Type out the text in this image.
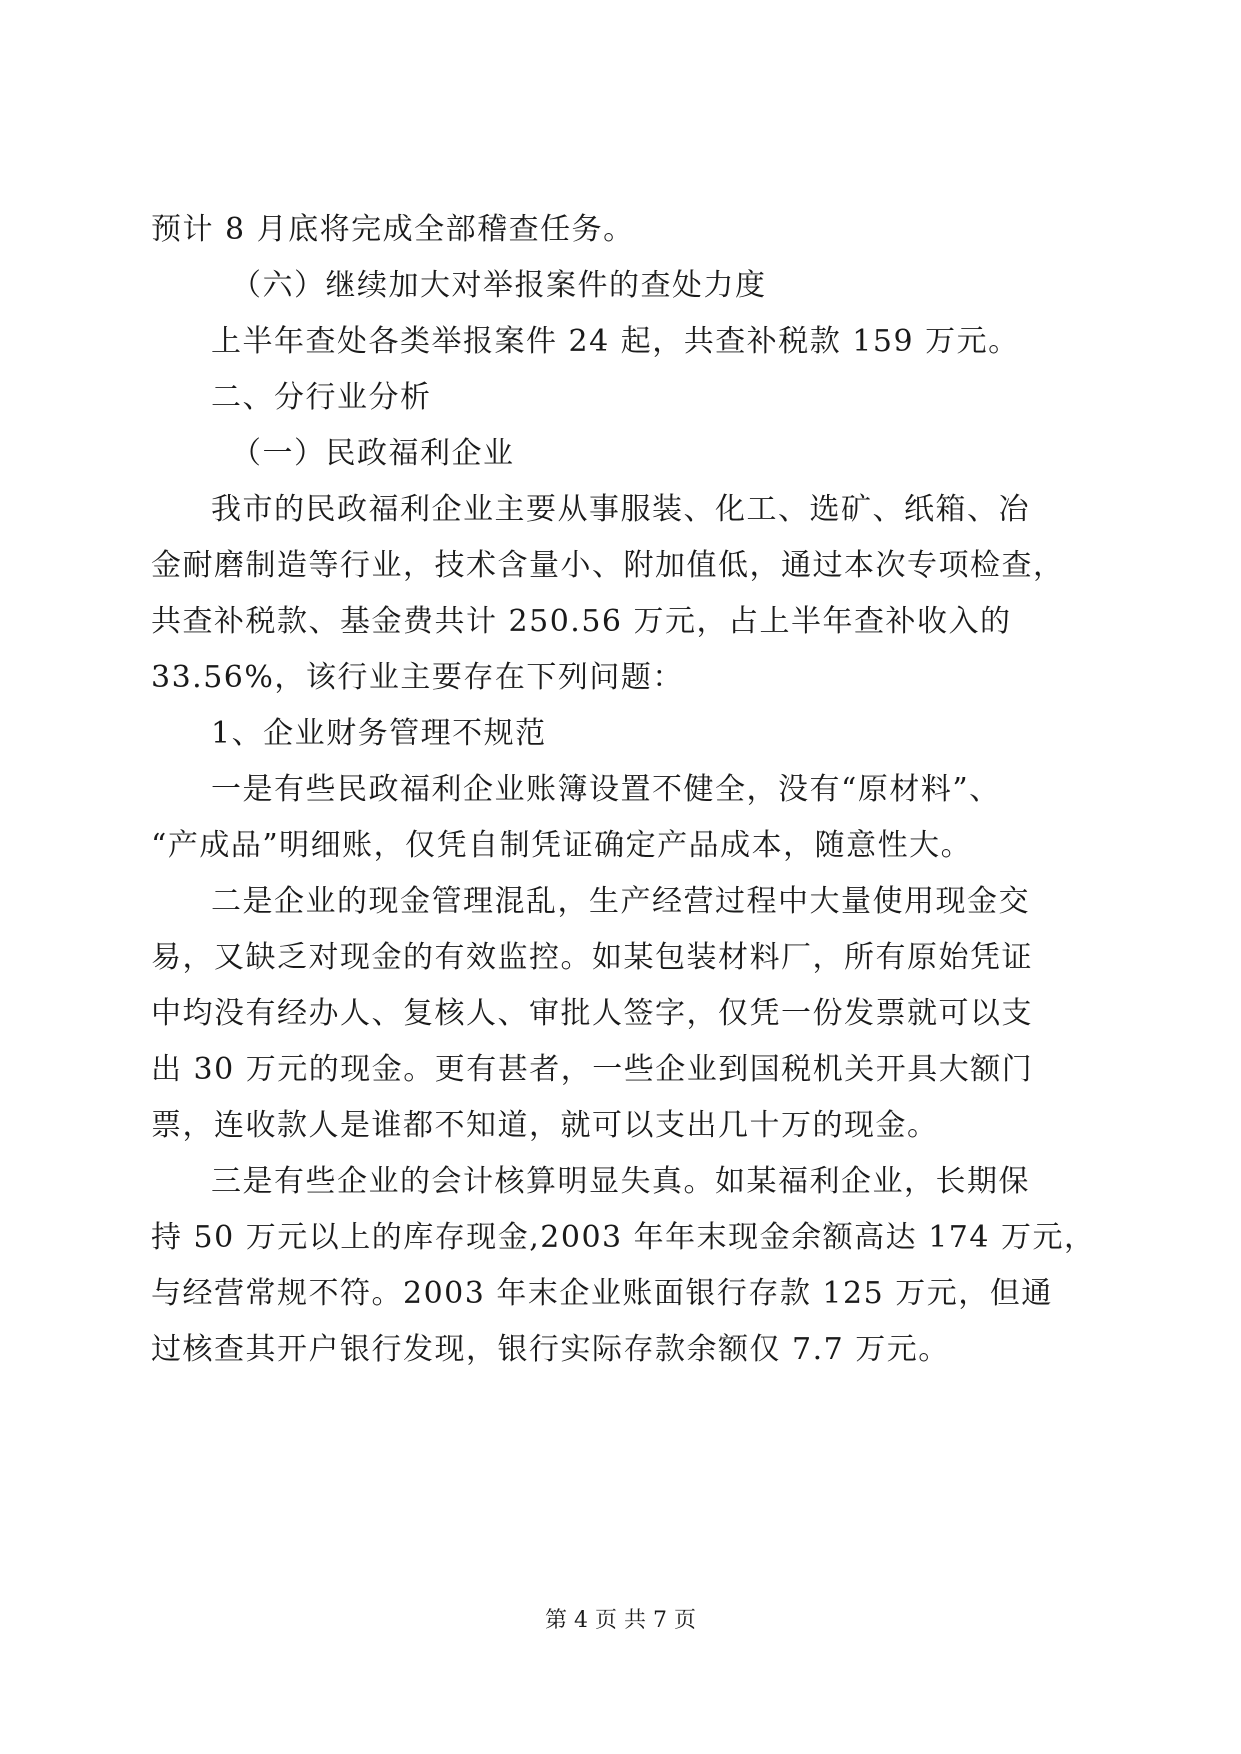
预计 8 月底将完成全部稽查任务。
（六）继续加大对举报案件的查处力度
上半年查处各类举报案件 24 起，共查补税款 159 万元。
二、分行业分析
（一）民政福利企业
我市的民政福利企业主要从事服装、化工、选矿、纸箱、冶
金耐磨制造等行业，技术含量小、附加值低，通过本次专项检查，
共查补税款、基金费共计 250.56 万元，占上半年查补收入的
33.56%，该行业主要存在下列问题：
1、企业财务管理不规范
一是有些民政福利企业账簿设置不健全，没有“原材料”、
“产成品”明细账，仅凭自制凭证确定产品成本，随意性大。
二是企业的现金管理混乱，生产经营过程中大量使用现金交
易，又缺乏对现金的有效监控。如某包装材料厂，所有原始凭证
中均没有经办人、复核人、审批人签字，仅凭一份发票就可以支
出 30 万元的现金。更有甚者，一些企业到国税机关开具大额门
票，连收款人是谁都不知道，就可以支出几十万的现金。
三是有些企业的会计核算明显失真。如某福利企业，长期保
持 50 万元以上的库存现金,2003 年年末现金余额高达 174 万元，
与经营常规不符。2003 年末企业账面银行存款 125 万元，但通
过核查其开户银行发现，银行实际存款余额仅 7.7 万元。
第 4 页 共 7 页
